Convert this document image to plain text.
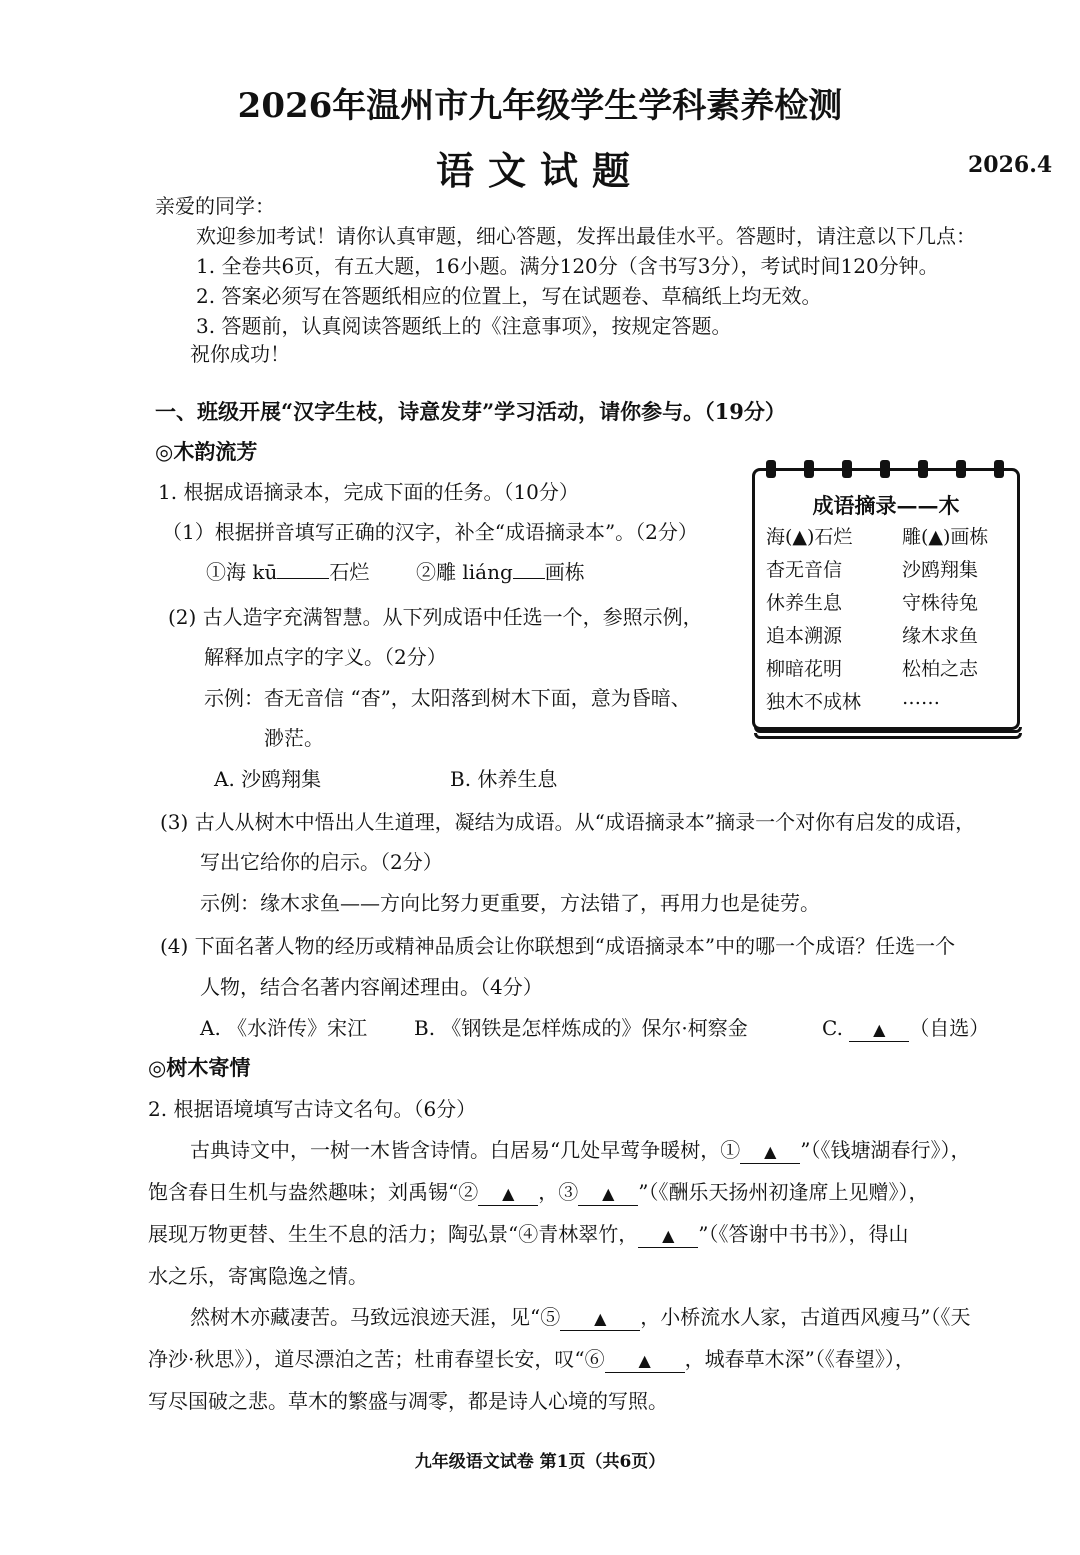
2026年温州市九年级学生学科素养检测
语文试题	2026.4
亲爱的同学：
欢迎参加考试！请你认真审题，细心答题，发挥出最佳水平。答题时，请注意以下几点：
1. 全卷共6页，有五大题，16小题。满分120分（含书写3分），考试时间120分钟。
2. 答案必须写在答题纸相应的位置上，写在试题卷、草稿纸上均无效。
3. 答题前，认真阅读答题纸上的《注意事项》，按规定答题。
祝你成功！
一、班级开展“汉字生枝，诗意发芽”学习活动，请你参与。（19分）
◎木韵流芳
1. 根据成语摘录本，完成下面的任务。（10分）
（1）根据拼音填写正确的汉字，补全“成语摘录本”。（2分）
①海 kū	石烂 ②雕 liáng 画栋
(2) 古人造字充满智慧。从下列成语中任选一个，参照示例，
解释加点字的字义。（2分）
示例：杳无音信 “杳”，太阳落到树木下面，意为昏暗、
渺茫。
A. 沙鸥翔集	B. 休养生息
(3) 古人从树木中悟出人生道理，凝结为成语。从“成语摘录本”摘录一个对你有启发的成语，
写出它给你的启示。（2分）
示例：缘木求鱼——方向比努力更重要，方法错了，再用力也是徒劳。
(4) 下面名著人物的经历或精神品质会让你联想到“成语摘录本”中的哪一个成语？任选一个
人物，结合名著内容阐述理由。（4分）
A. 《水浒传》宋江 B. 《钢铁是怎样炼成的》保尔·柯察金	C. ▲ （自选）
成语摘录——木
海(▲)石烂	雕(▲)画栋
杳无音信	沙鸥翔集
休养生息	守株待兔
追本溯源	缘木求鱼
柳暗花明	松柏之志
独木不成林 ……
◎树木寄情
2. 根据语境填写古诗文名句。（6分）
古典诗文中，一树一木皆含诗情。白居易“几处早莺争暖树，① ▲ ”（《钱塘湖春行》），
饱含春日生机与盎然趣味；刘禹锡“② ▲ ，③ ▲ ”（《酬乐天扬州初逢席上见赠》），
展现万物更替、生生不息的活力；陶弘景“④青林翠竹， ▲ ”（《答谢中书书》），得山
水之乐，寄寓隐逸之情。
然树木亦藏凄苦。马致远浪迹天涯，见“⑤ ▲ ，小桥流水人家，古道西风瘦马”（《天
净沙·秋思》），道尽漂泊之苦；杜甫春望长安，叹“⑥ ▲ ，城春草木深”（《春望》），
写尽国破之悲。草木的繁盛与凋零，都是诗人心境的写照。
九年级语文试卷 第1页（共6页）
